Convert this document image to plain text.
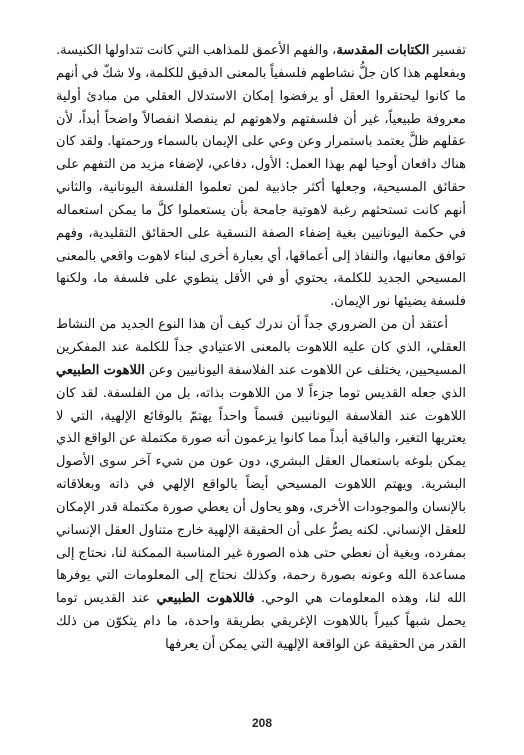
تفسير الكتابات المقدسة، والفهم الأعمق للمذاهب التي كانت تتداولها الكنيسة. وبفعلهم هذا كان جلُّ نشاطهم فلسفياً بالمعنى الدقيق للكلمة، ولا شكّ في أنهم ما كانوا ليحتقروا العقل أو يرفضوا إمكان الاستدلال العقلي من مبادئ أولية معروفة طبيعياً، غير أن فلسفتهم ولاهوتهم لم ينفصلا انفصالاً واضحاً أبداً، لأن عقلهم ظلَّ يعتمد باستمرار وعن وعي على الإيمان بالسماء ورحمتها. ولقد كان هناك دافعان أوحيا لهم بهذا العمل: الأول، دفاعي، لإضفاء مزيد من التفهم على حقائق المسيحية، وجعلها أكثر جاذبية لمن تعلموا الفلسفة اليونانية، والثاني أنهم كانت تستحثهم رغبة لاهوتية جامحة بأن يستعملوا كلَّ ما يمكن استعماله في حكمة اليونانيين بغية إضفاء الصفة النسقية على الحقائق التقليدية، وفهم توافق معانيها، والنفاذ إلى أعماقها، أي بعبارة أخرى لبناء لاهوت واقعي بالمعنى المسيحي الجديد للكلمة، يحتوي أو في الأقل ينطوي على فلسفة ما، ولكنها فلسفة يضيئها نور الإيمان.

أعتقد أن من الضروري جداً أن ندرك كيف أن هذا النوع الجديد من النشاط العقلي، الذي كان عليه اللاهوت بالمعنى الاعتيادي جداً للكلمة عند المفكرين المسيحيين، يختلف عن اللاهوت عند الفلاسفة اليونانيين وعن اللاهوت الطبيعي الذي جعله القديس توما جزءاً لا من اللاهوت بذاته، بل من الفلسفة. لقد كان اللاهوت عند الفلاسفة اليونانيين قسماً واحداً يهتمّ بالوقائع الإلهية، التي لا يعتريها التغير، والباقية أبداً مما كانوا يزعمون أنه صورة مكتملة عن الواقع الذي يمكن بلوغه باستعمال العقل البشري، دون عون من شيء آخر سوى الأصول البشرية. ويهتم اللاهوت المسيحي أيضاً بالواقع الإلهي في ذاته وبعلاقاته بالإنسان والموجودات الأخرى، وهو يحاول أن يعطي صورة مكتملة قدر الإمكان للعقل الإنساني. لكنه يصرُّ على أن الحقيقة الإلهية خارج متناول العقل الإنساني بمفرده، وبغية أن نعطي حتى هذه الصورة غير المناسبة الممكنة لنا، نحتاج إلى مساعدة الله وعونه بصورة رحمة، وكذلك نحتاج إلى المعلومات التي يوفرها الله لنا، وهذه المعلومات هي الوحي. فاللاهوت الطبيعي عند القديس توما يحمل شبهاً كبيراً باللاهوت الإغريقي بطريقة واحدة، ما دام يتكوّن من ذلك القدر من الحقيقة عن الواقعة الإلهية التي يمكن أن يعرفها

208
